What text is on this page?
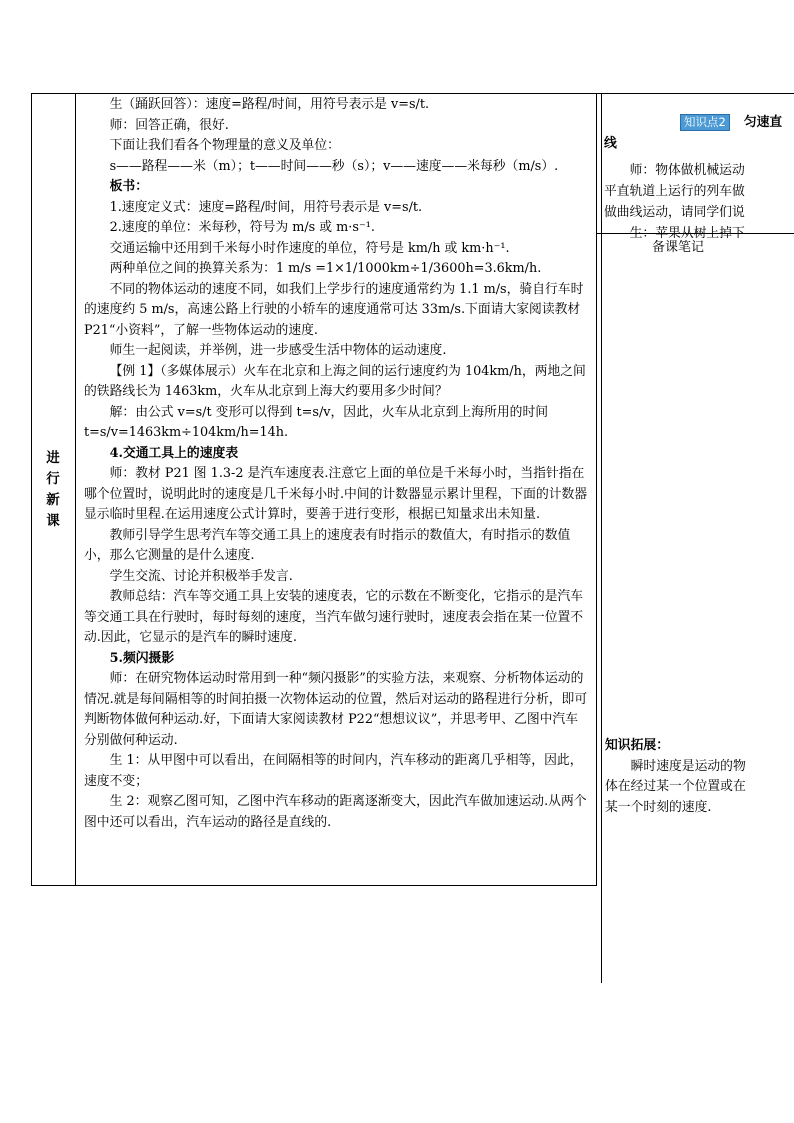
进
行
新
课

生（踊跃回答）：速度=路程/时间，用符号表示是 v=s/t.

师：回答正确，很好.

下面让我们看各个物理量的意义及单位：

s——路程——米（m）；t——时间——秒（s）；v——速度——米每秒（m/s）.

板书：

1.速度定义式：速度=路程/时间，用符号表示是 v=s/t.

2.速度的单位：米每秒，符号为 m/s 或 m·s⁻¹.

交通运输中还用到千米每小时作速度的单位，符号是 km/h 或 km·h⁻¹.

两种单位之间的换算关系为：1 m/s =1×1/1000km÷1/3600h=3.6km/h.

不同的物体运动的速度不同，如我们上学步行的速度通常约为 1.1 m/s，骑自行车时的速度约 5 m/s，高速公路上行驶的小轿车的速度通常可达 33m/s.下面请大家阅读教材 P21“小资料”，了解一些物体运动的速度.

师生一起阅读，并举例，进一步感受生活中物体的运动速度.

【例 1】（多媒体展示）火车在北京和上海之间的运行速度约为 104km/h，两地之间的铁路线长为 1463km，火车从北京到上海大约要用多少时间？

解：由公式 v=s/t 变形可以得到 t=s/v，因此，火车从北京到上海所用的时间

t=s/v=1463km÷104km/h=14h.

4.交通工具上的速度表

师：教材 P21 图 1.3-2 是汽车速度表.注意它上面的单位是千米每小时，当指针指在哪个位置时，说明此时的速度是几千米每小时.中间的计数器显示累计里程，下面的计数器显示临时里程.在运用速度公式计算时，要善于进行变形，根据已知量求出未知量.

教师引导学生思考汽车等交通工具上的速度表有时指示的数值大，有时指示的数值小，那么它测量的是什么速度.

学生交流、讨论并积极举手发言.

教师总结：汽车等交通工具上安装的速度表，它的示数在不断变化，它指示的是汽车等交通工具在行驶时，每时每刻的速度，当汽车做匀速行驶时，速度表会指在某一位置不动.因此，它显示的是汽车的瞬时速度.

5.频闪摄影

师：在研究物体运动时常用到一种“频闪摄影”的实验方法，来观察、分析物体运动的情况.就是每间隔相等的时间拍摄一次物体运动的位置，然后对运动的路程进行分析，即可判断物体做何种运动.好，下面请大家阅读教材 P22“想想议议”，并思考甲、乙图中汽车分别做何种运动.

生 1：从甲图中可以看出，在间隔相等的时间内，汽车移动的距离几乎相等，因此，速度不变；

生 2：观察乙图可知，乙图中汽车移动的距离逐渐变大，因此汽车做加速运动.从两个图中还可以看出，汽车运动的路径是直线的.

知识点2 匀速直线

师：物体做机械运动

平直轨道上运行的列车做

做曲线运动，请同学们说

生：苹果从树上掉下

备课笔记

知识拓展：

瞬时速度是运动的物体在经过某一个位置或在某一个时刻的速度.
